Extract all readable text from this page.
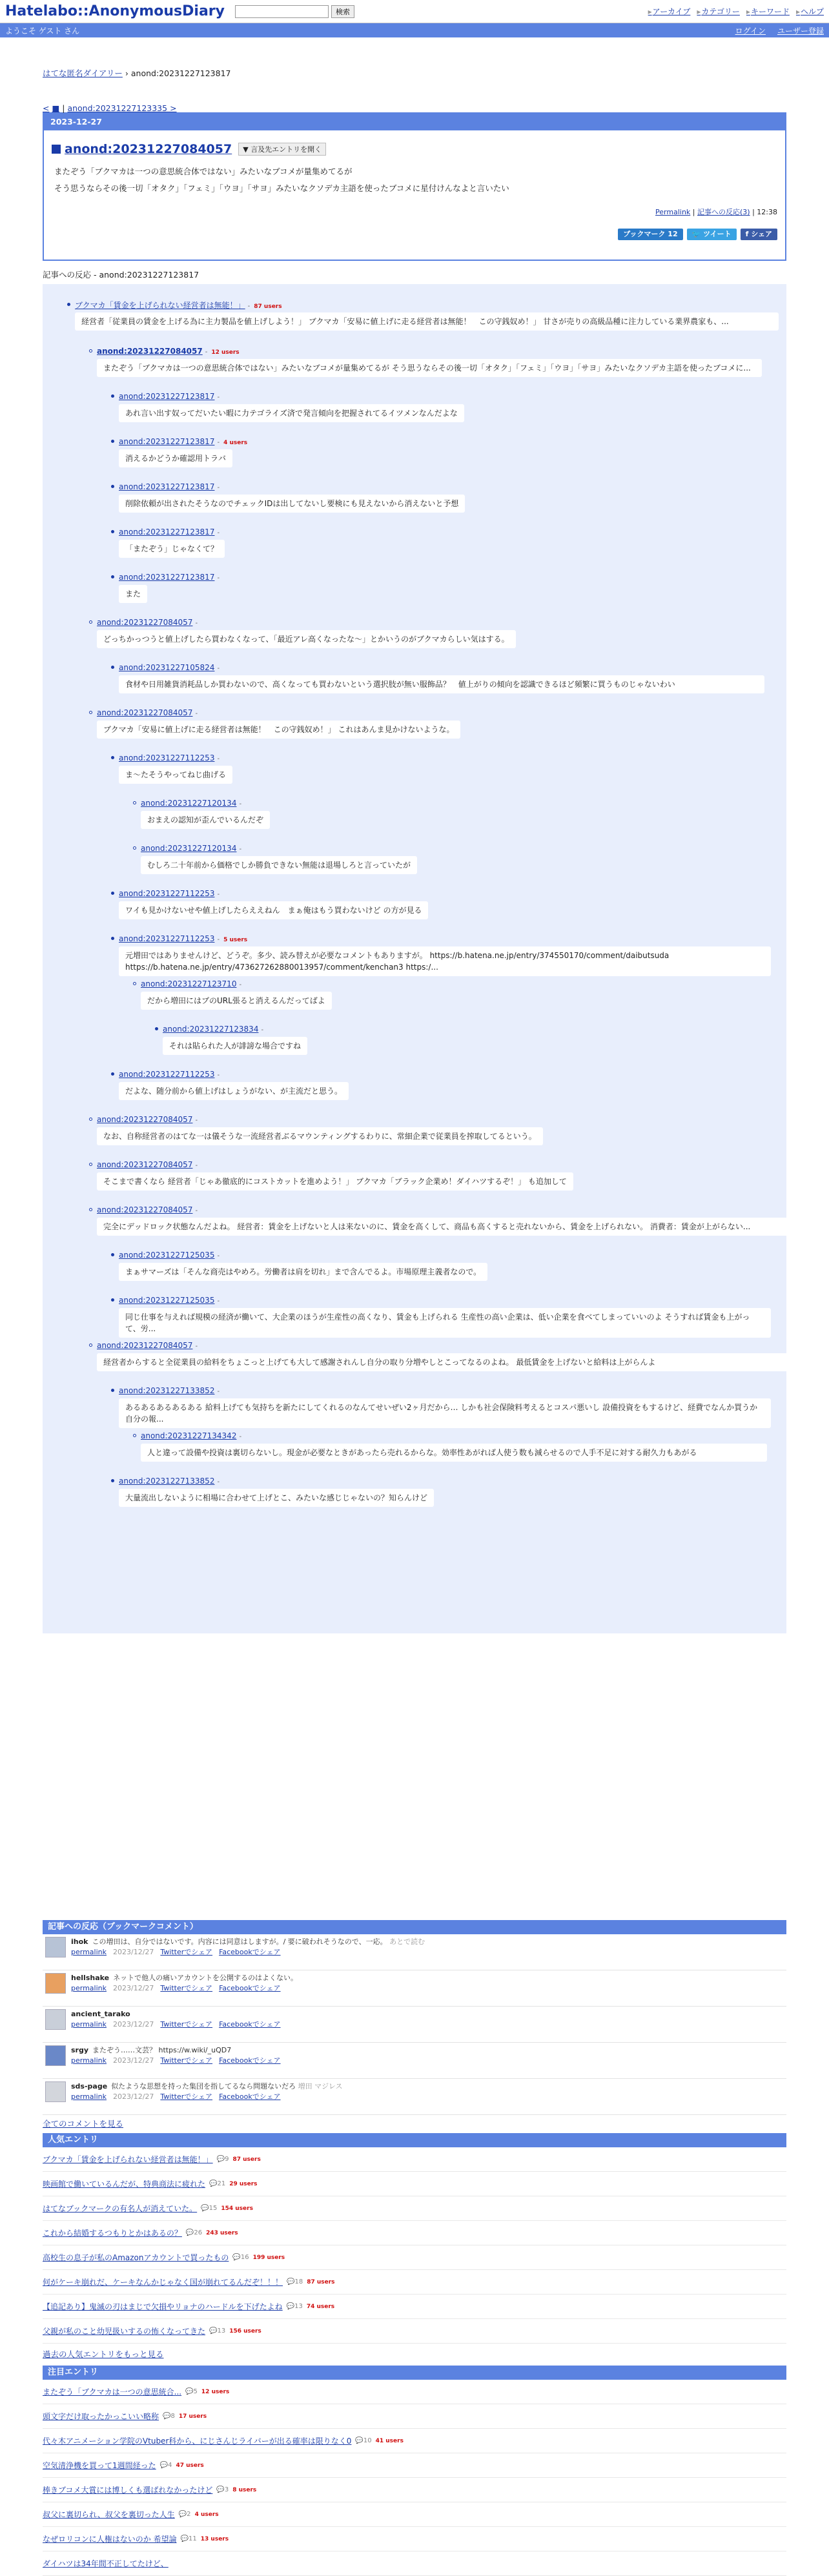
Hatelabo::AnonymousDiary	検索	▸ アーカイブ	▸ カテゴリー	▸ キーワード	▸ ヘルプ
ようこそ ゲスト さん	ログイン ユーザー登録
はてな匿名ダイアリー › anond:20231227123817
< ■ | anond:20231227123335 >
2023-12-27
anond:20231227084057	▼ 言及先エントリを開く
またぞう「ブクマカは一つの意思統合体ではない」みたいなブコメが量集めてるが
そう思うならその後一切「オタク」「フェミ」「ウヨ」「サヨ」みたいなクソデカ主語を使ったブコメに星付けんなよと言いたい
Permalink | 記事への反応(3) | 12:38
ブックマーク 12	🐦 ツイート	f シェア
記事への反応 - anond:20231227123817
ブクマカ「賃金を上げられない経営者は無能！」 - 87 users
経営者「従業員の賃金を上げる為に主力製品を値上げしよう！」 ブクマカ「安易に値上げに走る経営者は無能！　この守銭奴め！」 甘さが売りの高級品種に注力している業界農家も、...
anond:20231227084057 - 12 users
またぞう「ブクマカは一つの意思統合体ではない」みたいなブコメが量集めてるが そう思うならその後一切「オタク」「フェミ」「ウヨ」「サヨ」みたいなクソデカ主語を使ったブコメに...
anond:20231227123817 -
あれ言い出す奴ってだいたい暇に力テゴライズ済で発言傾向を把握されてるイツメンなんだよな
anond:20231227123817 - 4 users
消えるかどうか確認用トラバ
anond:20231227123817 -
削除依頼が出されたそうなのでチェックIDは出してないし要検にも見えないから消えないと予想
anond:20231227123817 -
「またぞう」じゃなくて？
anond:20231227123817 -
また
anond:20231227084057 -
どっちかっつうと値上げしたら買わなくなって、「最近アレ高くなったな〜」とかいうのがブクマカらしい気はする。
anond:20231227105824 -
食材や日用雑貨消耗品しか買わないので、高くなっても買わないという選択肢が無い服飾品？　値上がりの傾向を認識できるほど頻繁に買うものじゃないわい
anond:20231227084057 -
ブクマカ「安易に値上げに走る経営者は無能！　この守銭奴め！」 これはあんま見かけないような。
anond:20231227112253 -
ま〜たそうやってねじ曲げる
anond:20231227120134 -
おまえの認知が歪んでいるんだぞ
anond:20231227120134 -
むしろ二十年前から価格でしか勝負できない無能は退場しろと言っていたが
anond:20231227112253 -
ワイも見かけないせや値上げしたらええねん　まぁ俺はもう買わないけど の方が見る
anond:20231227112253 - 5 users
元増田ではありませんけど、どうぞ。多少、読み替えが必要なコメントもありますが。 https://b.hatena.ne.jp/entry/374550170/comment/daibutsuda https://b.hatena.ne.jp/entry/473627262880013957/comment/kenchan3 https:/...
anond:20231227123710 -
だから増田にはブのURL張ると消えるんだってばよ
anond:20231227123834 -
それは貼られた人が誹謗な場合ですね
anond:20231227112253 -
だよな、随分前から値上げはしょうがない、が主流だと思う。
anond:20231227084057 -
なお、自称経営者のはてな一は儀そうな一流経営者ぶるマウンティングするわりに、常細企業で従業員を搾取してるという。
anond:20231227084057 -
そこまで書くなら 経営者「じゃあ徹底的にコストカットを進めよう！」 ブクマカ「ブラック企業め！ダイハツするぞ！」 も追加して
anond:20231227084057 -
完全にデッドロック状態なんだよね。 経営者：賃金を上げないと人は来ないのに、賃金を高くして、商品も高くすると売れないから、賃金を上げられない。 消費者：賃金が上がらない...
anond:20231227125035 -
まぁサマーズは「そんな商売はやめろ。労働者は肩を切れ」まで含んでるよ。市場原理主義者なので。
anond:20231227125035 -
同じ仕事を与えれば規模の経済が働いて、大企業のほうが生産性の高くなり、賃金も上げられる 生産性の高い企業は、低い企業を食べてしまっていいのよ そうすれば賃金も上がって、労...
anond:20231227084057 -
経営者からすると全従業員の給料をちょこっと上げても大して感謝されんし自分の取り分増やしとこってなるのよね。 最低賃金を上げないと給料は上がらんよ
anond:20231227133852 -
あるあるあるあるある 給料上げても気持ちを新たにしてくれるのなんてせいぜい2ヶ月だから… しかも社会保険料考えるとコスパ悪いし 設備投資をもするけど、経費でなんか買うか自分の報...
anond:20231227134342 -
人と違って設備や投資は裏切らないし。現金が必要なときがあったら売れるからな。効率性あがれば人使う数も減らせるので人手不足に対する耐久力もあがる
anond:20231227133852 -
大量流出しないように相場に合わせて上げとこ、みたいな感じじゃないの？知らんけど
記事への反応（ブックマークコメント）
ihok この増田は、自分ではないです。内容には同意はしますが。/ 要に破われそうなので、一応。 あとで読む
permalink 2023/12/27 Twitterでシェア Facebookでシェア
hellshake ネットで他人の痛いアカウントを公開するのはよくない。
permalink 2023/12/27 Twitterでシェア Facebookでシェア
ancient_tarako
permalink 2023/12/27 Twitterでシェア Facebookでシェア
srgy またぞう……文芸？ https://w.wiki/_uQD7
permalink 2023/12/27 Twitterでシェア Facebookでシェア
sds-page 似たような思想を持った集団を指してるなら問題ないだろ 増田 マジレス
permalink 2023/12/27 Twitterでシェア Facebookでシェア
全てのコメントを見る
人気エントリ
ブクマカ「賃金を上げられない経営者は無能！」 💬9 87 users
映画館で働いているんだが、特典商法に疲れた 💬21 29 users
はてなブックマークの有名人が消えていた。 💬15 154 users
これから結婚するつもりとかはあるの？ 💬26 243 users
高校生の息子が私のAmazonアカウントで買ったもの 💬16 199 users
何がケーキ崩れだ、ケーキなんかじゃなく国が崩れてるんだぞ！！！ 💬18 87 users
【追記あり】鬼滅の刃はまじで欠損やリョナのハードルを下げたよね 💬13 74 users
父親が私のこと幼児扱いするの怖くなってきた 💬13 156 users
過去の人気エントリをもっと見る
注目エントリ
またぞう「ブクマカは一つの意思統合... 💬5 12 users
頭文字だけ取ったかっこいい略称 💬8 17 users
代々木アニメーション学院のVtuber科から、にじさんじライバーが出る確率は限りなく0 💬10 41 users
空気清浄機を買って1週間経った 💬4 47 users
棒きブコメ大賞には博しくも選ばれなかったけど 💬3 8 users
叔父に裏切られ、叔父を裏切った人生 💬2 4 users
なぜロリコンに人権はないのか 希望論 💬11 13 users
ダイハツは34年間不正してたけど、
